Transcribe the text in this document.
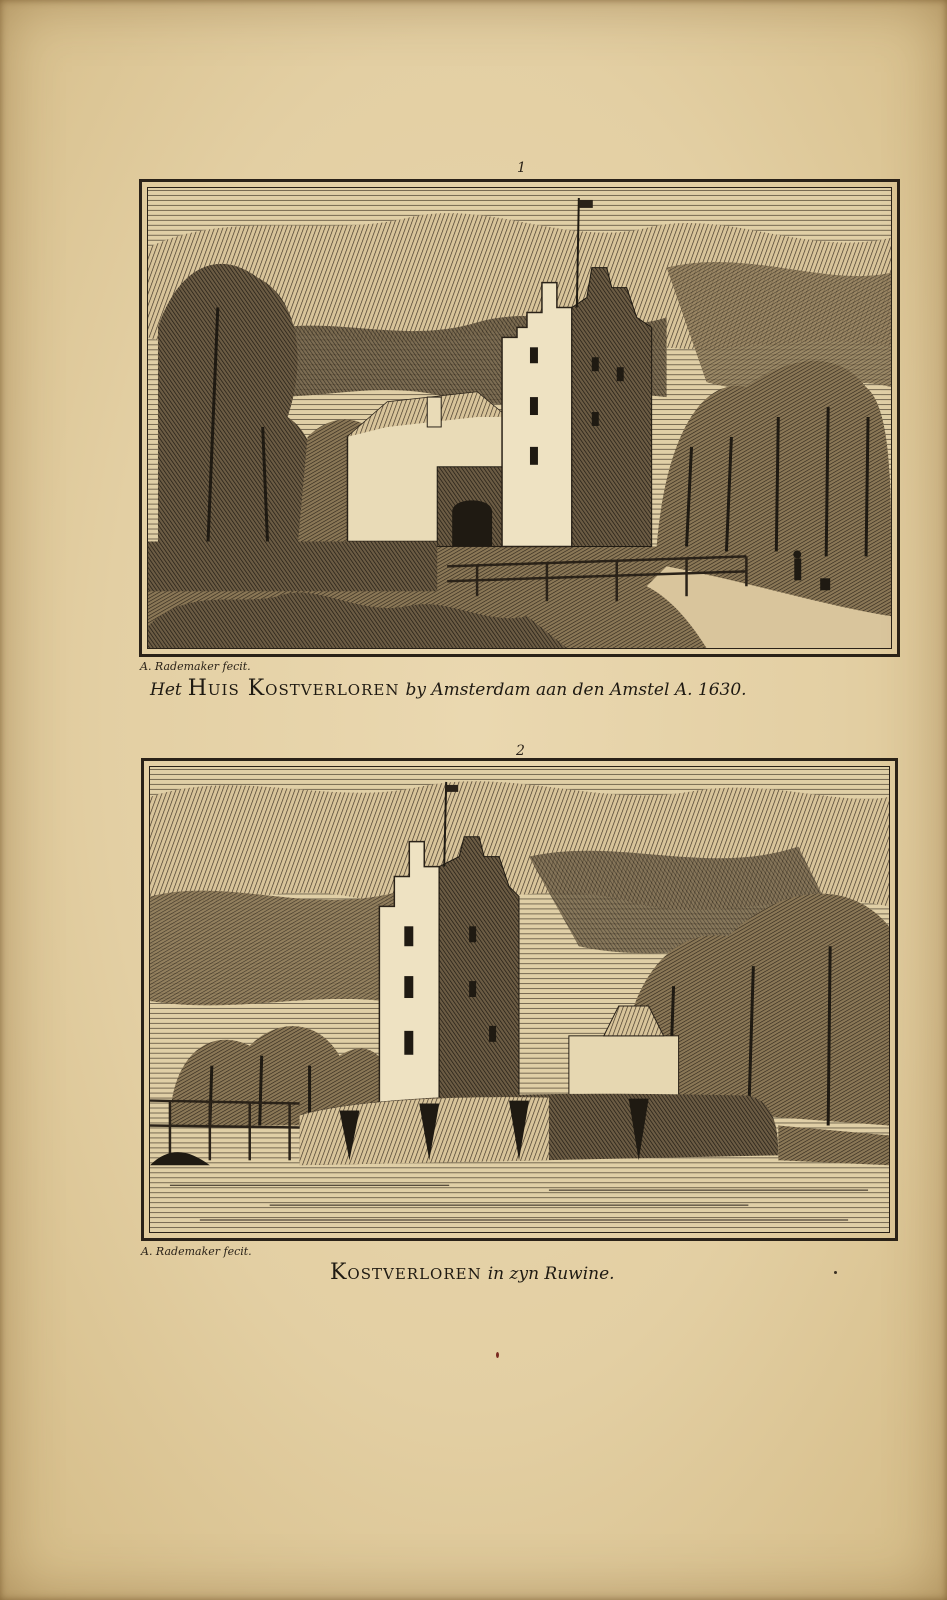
1
A. Rademaker fecit.
Het Huis Kostverloren by Amsterdam aan den Amstel A. 1630.
2
A. Rademaker fecit.
Kostverloren in zyn Ruwine.
